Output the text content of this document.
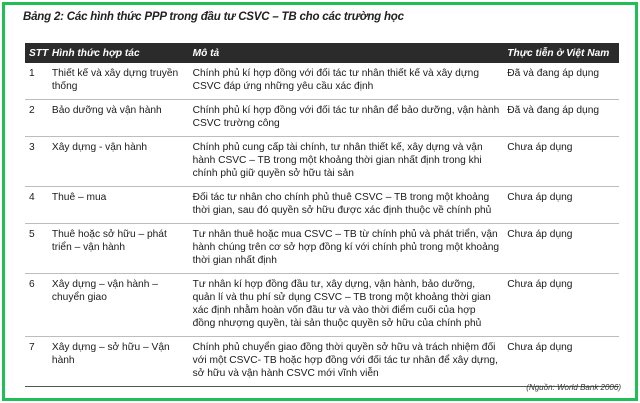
Bảng 2: Các hình thức PPP trong đầu tư CSVC – TB cho các trường học
STT	Hình thức hợp tác	Mô tả	Thực tiễn ở Việt Nam
1	Thiết kế và xây dựng truyền thống	Chính phủ kí hợp đồng với đối tác tư nhân thiết kế và xây dựng CSVC đáp ứng những yêu cầu xác định	Đã và đang áp dụng
2	Bảo dưỡng và vận hành	Chính phủ kí hợp đồng với đối tác tư nhân để bảo dưỡng, vận hành CSVC trường công	Đã và đang áp dụng
3	Xây dựng - vận hành	Chính phủ cung cấp tài chính, tư nhân thiết kế, xây dựng và vận hành CSVC – TB trong một khoảng thời gian nhất định trong khi chính phủ giữ quyền sở hữu tài sản	Chưa áp dụng
4	Thuê – mua	Đối tác tư nhân cho chính phủ thuê CSVC – TB trong một khoảng thời gian, sau đó quyền sở hữu được xác định thuộc về chính phủ	Chưa áp dụng
5	Thuê hoặc sở hữu – phát triển – vận hành	Tư nhân thuê hoặc mua CSVC – TB từ chính phủ và phát triển, vận hành chúng trên cơ sở hợp đồng kí với chính phủ trong một khoảng thời gian nhất định	Chưa áp dụng
6	Xây dựng – vận hành – chuyển giao	Tư nhân kí hợp đồng đầu tư, xây dựng, vận hành, bảo dưỡng, quản lí và thu phí sử dụng CSVC – TB trong một khoảng thời gian xác định nhằm hoàn vốn đầu tư và vào thời điểm cuối của hợp đồng nhượng quyền, tài sản thuộc quyền sở hữu của chính phủ	Chưa áp dụng
7	Xây dựng – sở hữu – Vận hành	Chính phủ chuyển giao đồng thời quyền sở hữu và trách nhiệm đối với một CSVC- TB hoặc hợp đồng với đối tác tư nhân để xây dựng, sở hữu và vận hành CSVC mới vĩnh viễn	Chưa áp dụng
(Nguồn: World Bank 2006)
